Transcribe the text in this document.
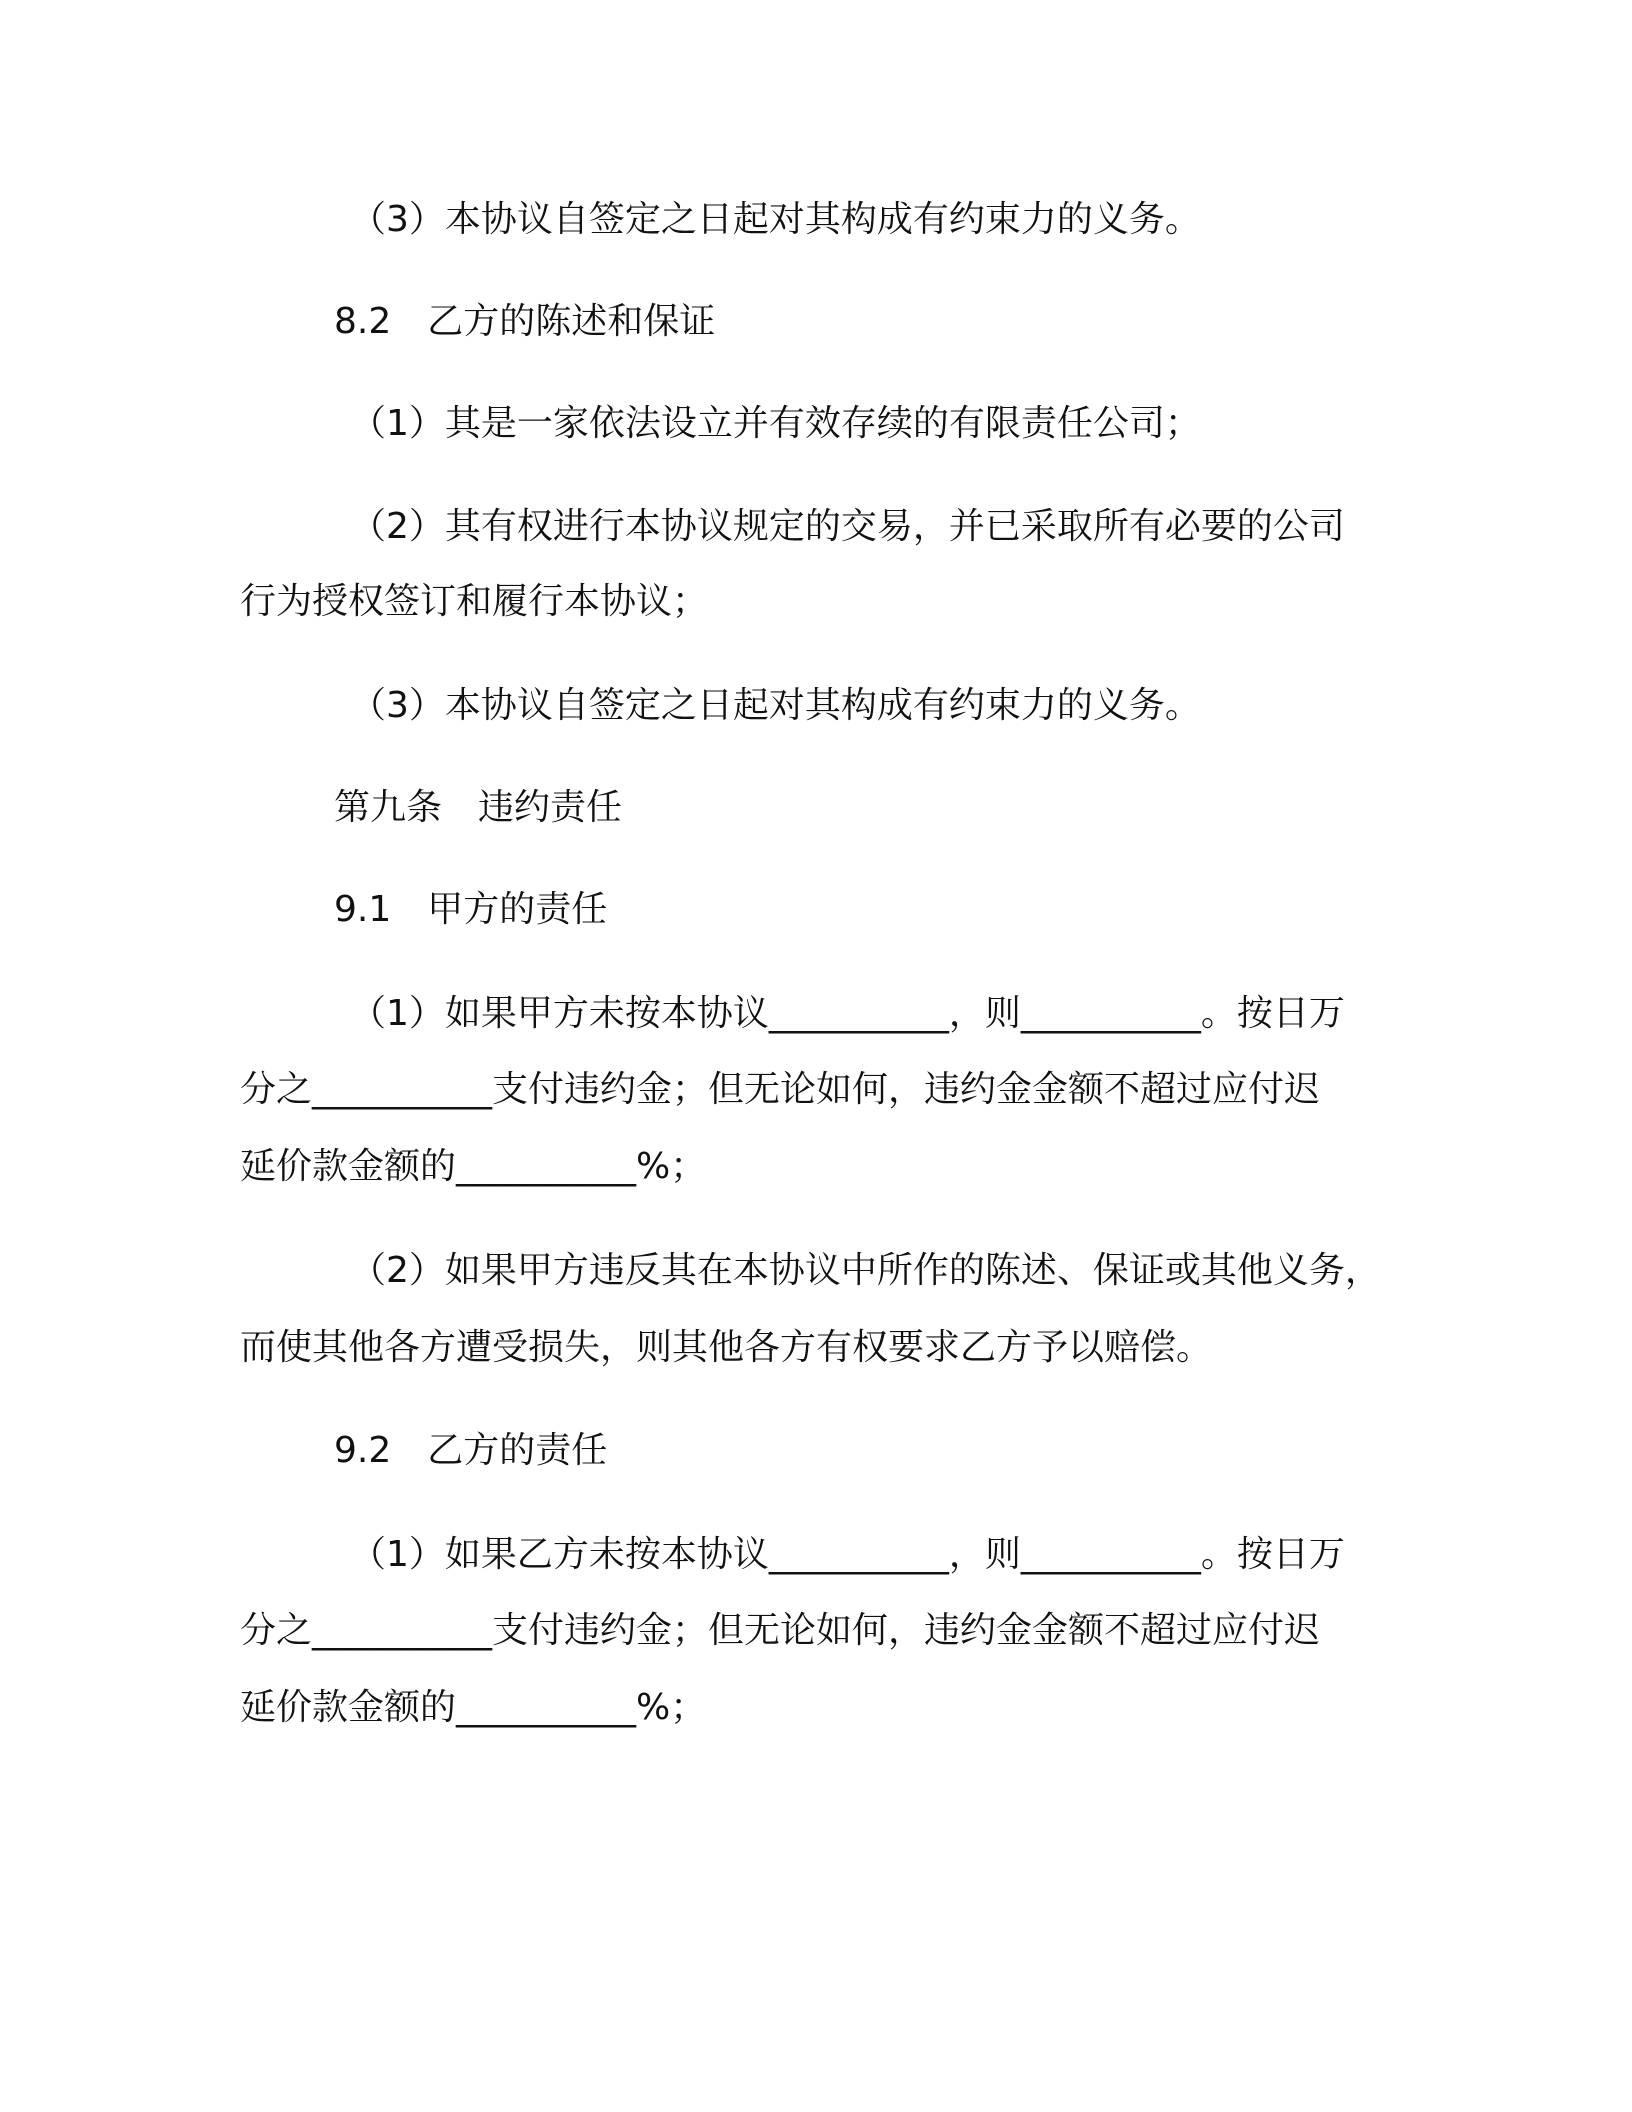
（3）本协议自签定之日起对其构成有约束力的义务。
8.2　乙方的陈述和保证
（1）其是一家依法设立并有效存续的有限责任公司；
（2）其有权进行本协议规定的交易，并已采取所有必要的公司
行为授权签订和履行本协议；
（3）本协议自签定之日起对其构成有约束力的义务。
第九条　违约责任
9.1　甲方的责任
（1）如果甲方未按本协议__________，则__________。按日万
分之__________支付违约金；但无论如何，违约金金额不超过应付迟
延价款金额的__________%；
（2）如果甲方违反其在本协议中所作的陈述、保证或其他义务，
而使其他各方遭受损失，则其他各方有权要求乙方予以赔偿。
9.2　乙方的责任
（1）如果乙方未按本协议__________，则__________。按日万
分之__________支付违约金；但无论如何，违约金金额不超过应付迟
延价款金额的__________%；
